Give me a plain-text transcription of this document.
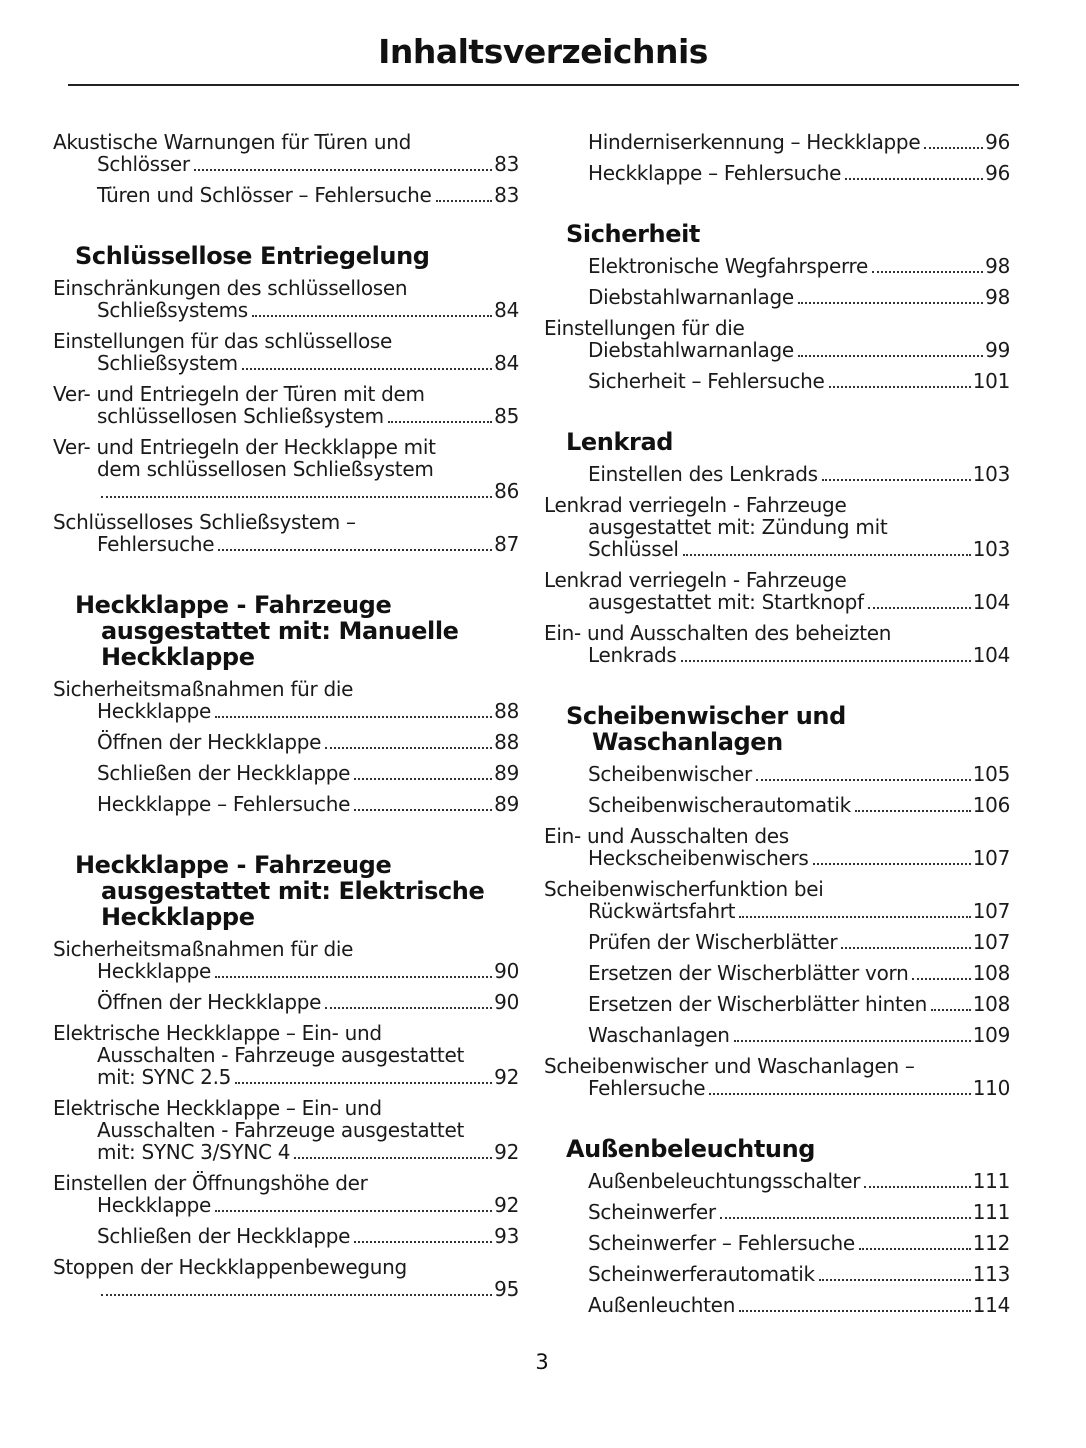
Inhaltsverzeichnis
Akustische Warnungen für Türen und
Schlösser	83
Türen und Schlösser – Fehlersuche	83
Schlüssellose Entriegelung
Einschränkungen des schlüssellosen
Schließsystems	84
Einstellungen für das schlüssellose
Schließsystem	84
Ver- und Entriegeln der Türen mit dem
schlüssellosen Schließsystem	85
Ver- und Entriegeln der Heckklappe mit
dem schlüssellosen Schließsystem
86
Schlüsselloses Schließsystem –
Fehlersuche	87
Heckklappe - Fahrzeuge ausgestattet mit: Manuelle Heckklappe
Sicherheitsmaßnahmen für die
Heckklappe	88
Öffnen der Heckklappe	88
Schließen der Heckklappe	89
Heckklappe – Fehlersuche	89
Heckklappe - Fahrzeuge ausgestattet mit: Elektrische Heckklappe
Sicherheitsmaßnahmen für die
Heckklappe	90
Öffnen der Heckklappe	90
Elektrische Heckklappe – Ein- und
Ausschalten - Fahrzeuge ausgestattet
mit: SYNC 2.5	92
Elektrische Heckklappe – Ein- und
Ausschalten - Fahrzeuge ausgestattet
mit: SYNC 3/SYNC 4	92
Einstellen der Öffnungshöhe der
Heckklappe	92
Schließen der Heckklappe	93
Stoppen der Heckklappenbewegung
95
Hinderniserkennung – Heckklappe	96
Heckklappe – Fehlersuche	96
Sicherheit
Elektronische Wegfahrsperre	98
Diebstahlwarnanlage	98
Einstellungen für die
Diebstahlwarnanlage	99
Sicherheit – Fehlersuche	101
Lenkrad
Einstellen des Lenkrads	103
Lenkrad verriegeln - Fahrzeuge
ausgestattet mit: Zündung mit
Schlüssel	103
Lenkrad verriegeln - Fahrzeuge
ausgestattet mit: Startknopf	104
Ein- und Ausschalten des beheizten
Lenkrads	104
Scheibenwischer und Waschanlagen
Scheibenwischer	105
Scheibenwischerautomatik	106
Ein- und Ausschalten des
Heckscheibenwischers	107
Scheibenwischerfunktion bei
Rückwärtsfahrt	107
Prüfen der Wischerblätter	107
Ersetzen der Wischerblätter vorn	108
Ersetzen der Wischerblätter hinten 108
Waschanlagen	109
Scheibenwischer und Waschanlagen –
Fehlersuche	110
Außenbeleuchtung
Außenbeleuchtungsschalter	111
Scheinwerfer	111
Scheinwerfer – Fehlersuche	112
Scheinwerferautomatik	113
Außenleuchten	114
3
